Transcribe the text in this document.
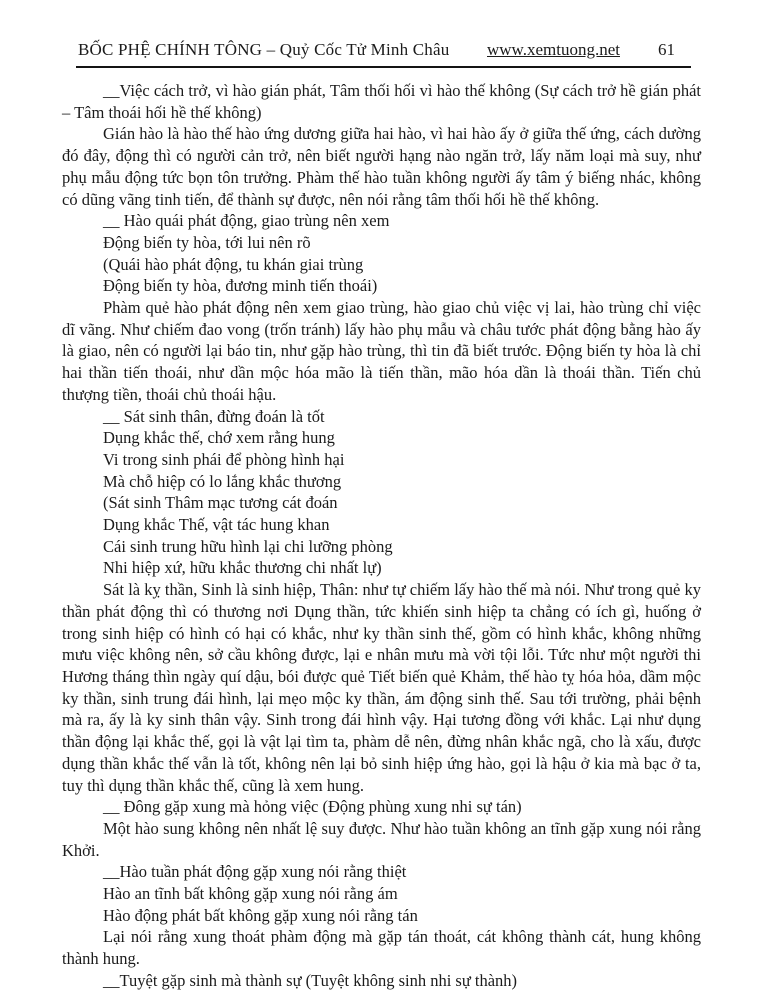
BỐC PHỆ CHÍNH TÔNG – Quỷ Cốc Tử Minh Châu www.xemtuong.net 61

__Việc cách trở, vì hào gián phát, Tâm thối hối vì hào thế không (Sự cách trở hề gián phát – Tâm thoái hối hề thế không)

Gián hào là hào thế hào ứng dương giữa hai hào, vì hai hào ấy ở giữa thế ứng, cách dường đó đây, động thì có người cản trở, nên biết người hạng nào ngăn trở, lấy năm loại mà suy, như phụ mẫu động tức bọn tôn trưởng. Phàm thế hào tuần không người ấy tâm ý biếng nhác, không có dũng vãng tinh tiến, để thành sự được, nên nói rằng tâm thối hối hề thế không.

__ Hào quái phát động, giao trùng nên xem
Động biến ty hòa, tới lui nên rõ
(Quái hào phát động, tu khán giai trùng
Động biến ty hòa, đương minh tiến thoái)

Phàm quẻ hào phát động nên xem giao trùng, hào giao chủ việc vị lai, hào trùng chỉ việc dĩ vãng. Như chiếm đao vong (trốn tránh) lấy hào phụ mẫu và châu tước phát động bằng hào ấy là giao, nên có người lại báo tin, như gặp hào trùng, thì tin đã biết trước. Động biến ty hòa là chỉ hai thần tiến thoái, như dần mộc hóa mão là tiến thần, mão hóa dần là thoái thần. Tiến chủ thượng tiền, thoái chủ thoái hậu.

__ Sát sinh thân, đừng đoán là tốt
Dụng khắc thế, chớ xem rằng hung
Vi trong sinh phái để phòng hình hại
Mà chỗ hiệp có lo lắng khắc thương
(Sát sinh Thâm mạc tương cát đoán
Dụng khắc Thế, vật tác hung khan
Cái sinh trung hữu hình lại chi lưỡng phòng
Nhi hiệp xứ, hữu khắc thương chi nhất lự)

Sát là kỵ thần, Sinh là sinh hiệp, Thân: như tự chiếm lấy hào thế mà nói. Như trong quẻ ky thần phát động thì có thương nơi Dụng thần, tức khiến sinh hiệp ta chẳng có ích gì, huống ở trong sinh hiệp có hình có hại có khắc, như ky thần sinh thế, gồm có hình khắc, không những mưu việc không nên, sở cầu không được, lại e nhân mưu mà vời tội lỗi. Tức như một người thi Hương tháng thìn ngày quí dậu, bói được quẻ Tiết biến quẻ Khảm, thế hào tỵ hóa hỏa, dầm mộc ky thần, sinh trung đái hình, lại mẹo mộc ky thần, ám động sinh thế. Sau tới trường, phải bệnh mà ra, ấy là ky sinh thân vậy. Sinh trong đái hình vậy. Hại tương đồng với khắc. Lại như dụng thần động lại khắc thế, gọi là vật lại tìm ta, phàm dễ nên, đừng nhân khắc ngã, cho là xấu, được dụng thần khắc thế vẫn là tốt, không nên lại bỏ sinh hiệp ứng hào, gọi là hậu ở kia mà bạc ở ta, tuy thì dụng thần khắc thế, cũng là xem hung.

__ Đông gặp xung mà hỏng việc (Động phùng xung nhi sự tán)

Một hào sung không nên nhất lệ suy được. Như hào tuần không an tĩnh gặp xung nói rằng Khởi.

__Hào tuần phát động gặp xung nói rằng thiệt
Hào an tĩnh bất không gặp xung nói rằng ám
Hào động phát bất không gặp xung nói rằng tán

Lại nói rằng xung thoát phàm động mà gặp tán thoát, cát không thành cát, hung không thành hung.

__Tuyệt gặp sinh mà thành sự (Tuyệt không sinh nhi sự thành)
